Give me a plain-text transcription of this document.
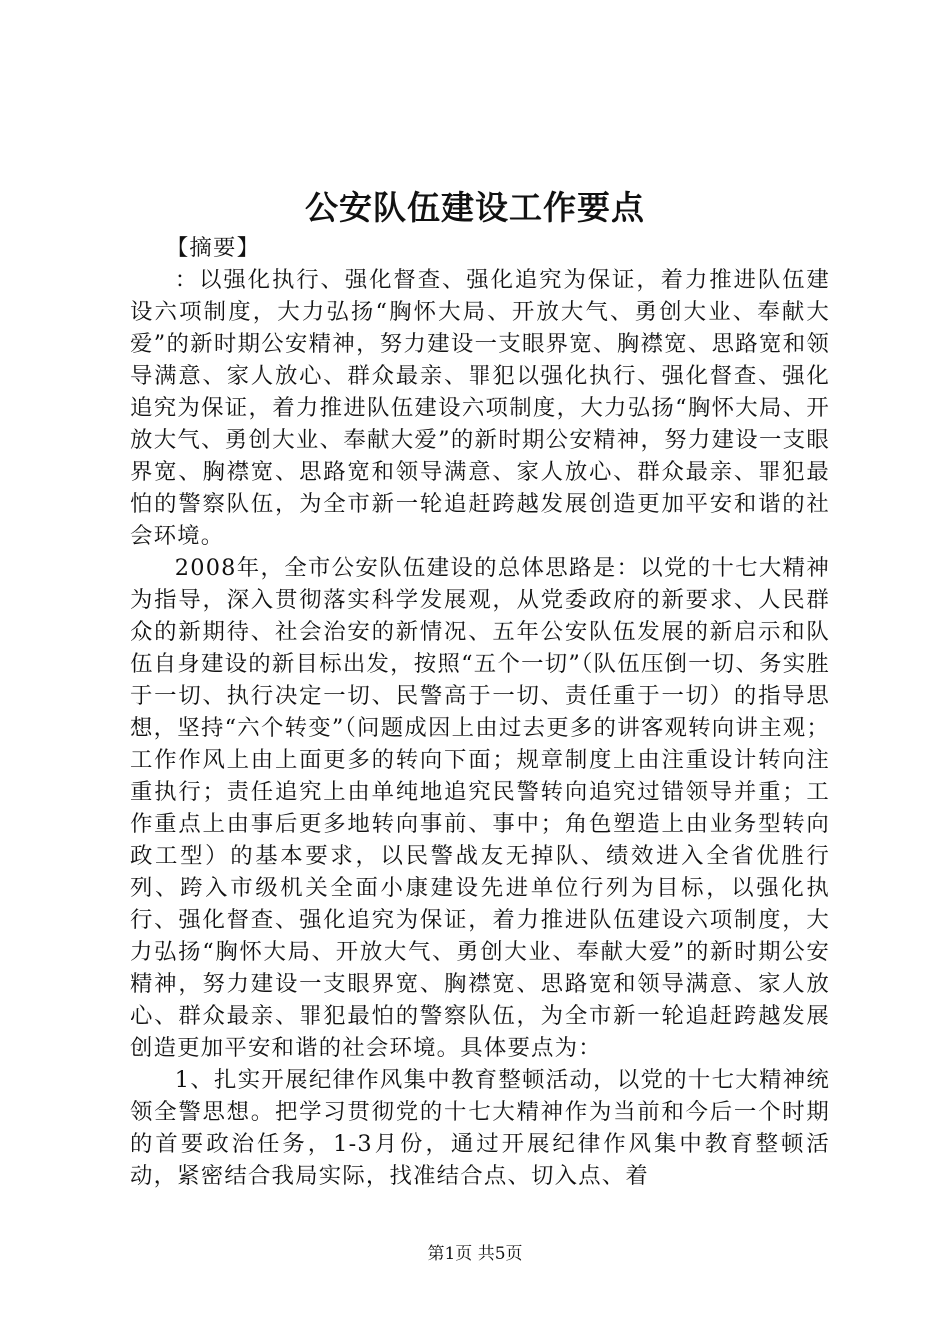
公安队伍建设工作要点

【摘要】

：以强化执行、强化督查、强化追究为保证，着力推进队伍建设六项制度，大力弘扬“胸怀大局、开放大气、勇创大业、奉献大爱”的新时期公安精神，努力建设一支眼界宽、胸襟宽、思路宽和领导满意、家人放心、群众最亲、罪犯以强化执行、强化督查、强化追究为保证，着力推进队伍建设六项制度，大力弘扬“胸怀大局、开放大气、勇创大业、奉献大爱”的新时期公安精神，努力建设一支眼界宽、胸襟宽、思路宽和领导满意、家人放心、群众最亲、罪犯最怕的警察队伍，为全市新一轮追赶跨越发展创造更加平安和谐的社会环境。

2008年，全市公安队伍建设的总体思路是：以党的十七大精神为指导，深入贯彻落实科学发展观，从党委政府的新要求、人民群众的新期待、社会治安的新情况、五年公安队伍发展的新启示和队伍自身建设的新目标出发，按照“五个一切”（队伍压倒一切、务实胜于一切、执行决定一切、民警高于一切、责任重于一切）的指导思想，坚持“六个转变”（问题成因上由过去更多的讲客观转向讲主观；工作作风上由上面更多的转向下面；规章制度上由注重设计转向注重执行；责任追究上由单纯地追究民警转向追究过错领导并重；工作重点上由事后更多地转向事前、事中；角色塑造上由业务型转向政工型）的基本要求，以民警战友无掉队、绩效进入全省优胜行列、跨入市级机关全面小康建设先进单位行列为目标，以强化执行、强化督查、强化追究为保证，着力推进队伍建设六项制度，大力弘扬“胸怀大局、开放大气、勇创大业、奉献大爱”的新时期公安精神，努力建设一支眼界宽、胸襟宽、思路宽和领导满意、家人放心、群众最亲、罪犯最怕的警察队伍，为全市新一轮追赶跨越发展创造更加平安和谐的社会环境。具体要点为：

1、扎实开展纪律作风集中教育整顿活动，以党的十七大精神统领全警思想。把学习贯彻党的十七大精神作为当前和今后一个时期的首要政治任务，1-3月份，通过开展纪律作风集中教育整顿活动，紧密结合我局实际，找准结合点、切入点、着

第1页 共5页
